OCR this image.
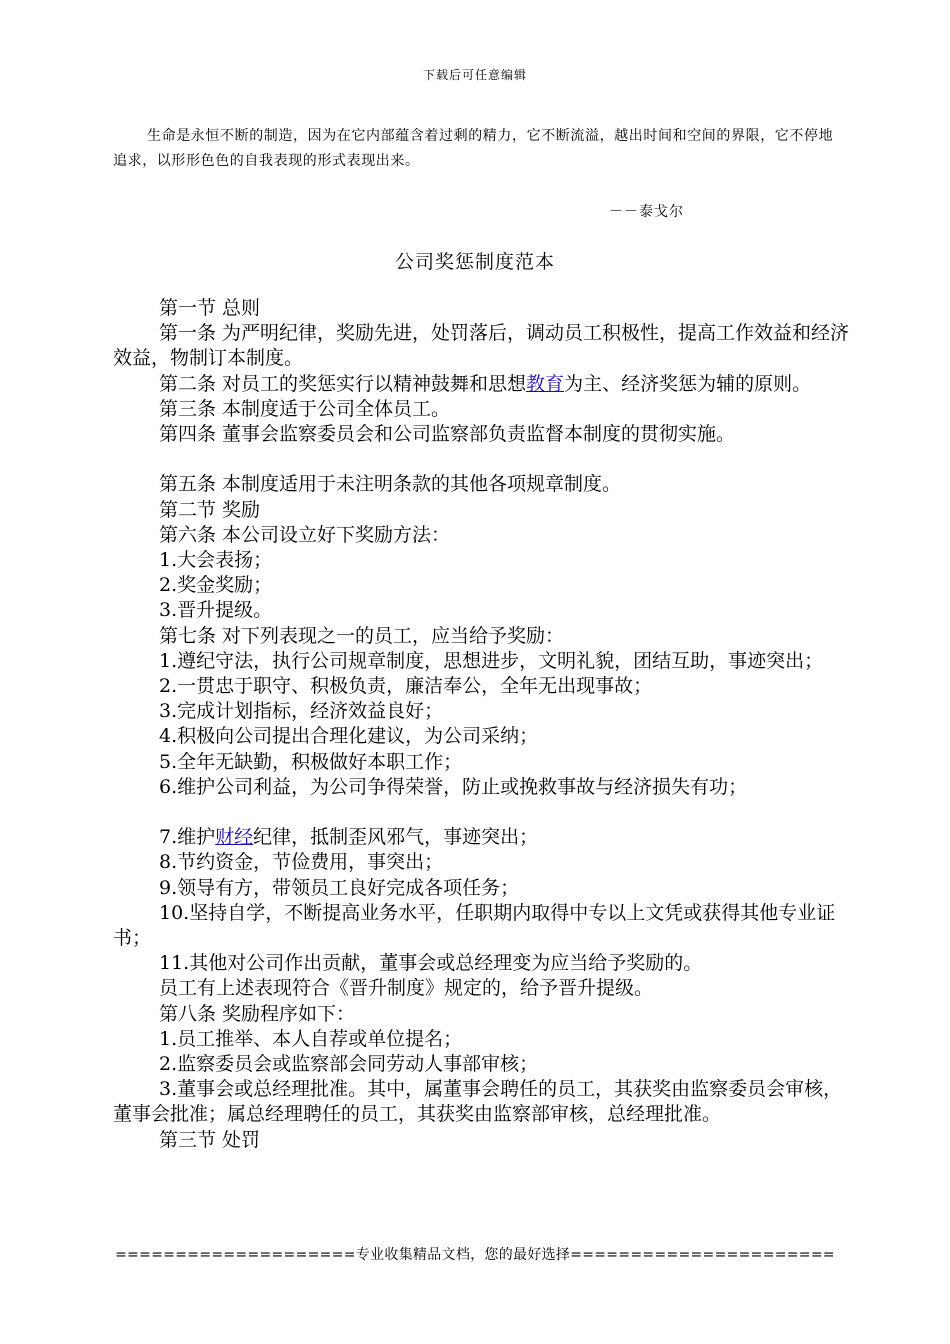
下载后可任意编辑
生命是永恒不断的制造，因为在它内部蕴含着过剩的精力，它不断流溢，越出时间和空间的界限，它不停地追求，以形形色色的自我表现的形式表现出来。
－－泰戈尔
公司奖惩制度范本
第一节 总则
第一条 为严明纪律，奖励先进，处罚落后，调动员工积极性，提高工作效益和经济效益，物制订本制度。
第二条 对员工的奖惩实行以精神鼓舞和思想教育为主、经济奖惩为辅的原则。
第三条 本制度适于公司全体员工。
第四条 董事会监察委员会和公司监察部负责监督本制度的贯彻实施。
第五条 本制度适用于未注明条款的其他各项规章制度。
第二节 奖励
第六条 本公司设立好下奖励方法：
1.大会表扬；
2.奖金奖励；
3.晋升提级。
第七条 对下列表现之一的员工，应当给予奖励：
1.遵纪守法，执行公司规章制度，思想进步，文明礼貌，团结互助，事迹突出；
2.一贯忠于职守、积极负责，廉洁奉公，全年无出现事故；
3.完成计划指标，经济效益良好；
4.积极向公司提出合理化建议，为公司采纳；
5.全年无缺勤，积极做好本职工作；
6.维护公司利益，为公司争得荣誉，防止或挽救事故与经济损失有功；
7.维护财经纪律，抵制歪风邪气，事迹突出；
8.节约资金，节俭费用，事突出；
9.领导有方，带领员工良好完成各项任务；
10.坚持自学，不断提高业务水平，任职期内取得中专以上文凭或获得其他专业证书；
11.其他对公司作出贡献，董事会或总经理变为应当给予奖励的。
员工有上述表现符合《晋升制度》规定的，给予晋升提级。
第八条 奖励程序如下：
1.员工推举、本人自荐或单位提名；
2.监察委员会或监察部会同劳动人事部审核；
3.董事会或总经理批准。其中，属董事会聘任的员工，其获奖由监察委员会审核，董事会批准；属总经理聘任的员工，其获奖由监察部审核，总经理批准。
第三节 处罚
====================专业收集精品文档，您的最好选择======================
